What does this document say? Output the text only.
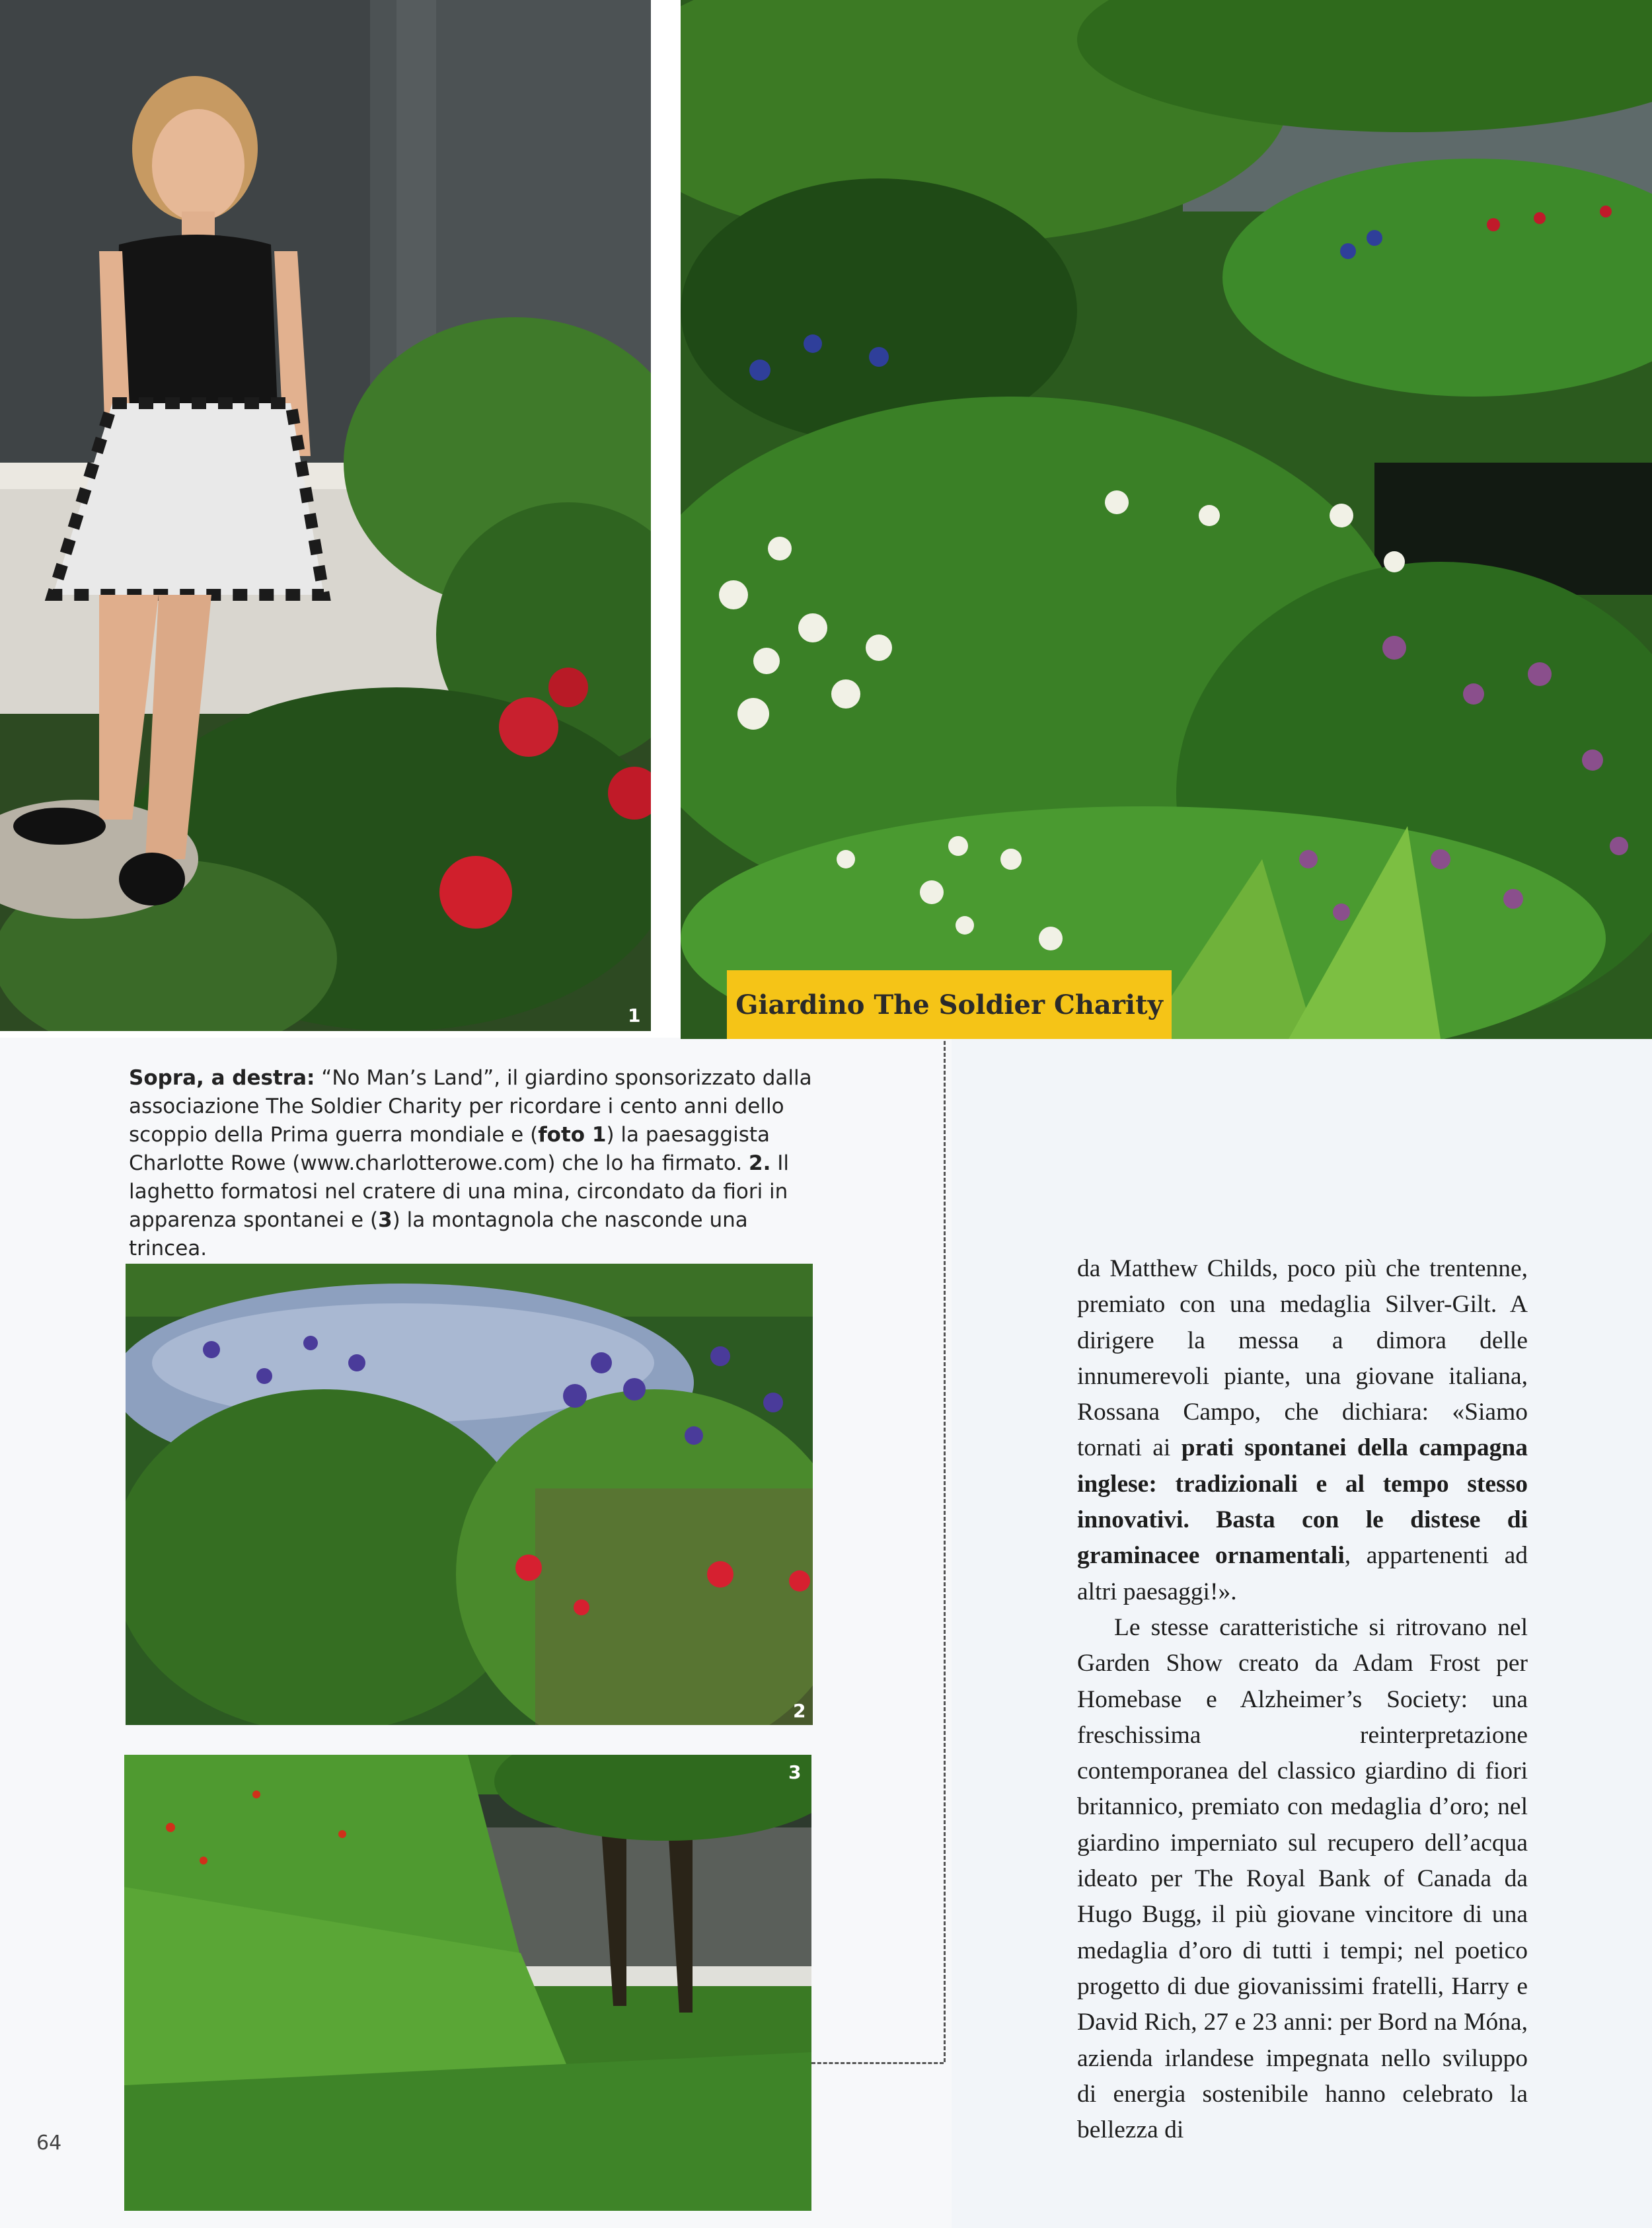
1	Giardino The Soldier Charity
2
3
Sopra, a destra: “No Man’s Land”, il giardino sponsorizzato dalla associazione The Soldier Charity per ricordare i cento anni dello scoppio della Prima guerra mondiale e (foto 1) la paesaggista Charlotte Rowe (www.charlotterowe.com) che lo ha firmato. 2. Il laghetto formatosi nel cratere di una mina, circondato da fiori in apparenza spontanei e (3) la montagnola che nasconde una trincea.

da Matthew Childs, poco più che trentenne, premiato con una medaglia Silver-Gilt. A dirigere la messa a dimora delle innumerevoli piante, una giovane italiana, Rossana Campo, che dichiara: «Siamo tornati ai prati spontanei della campagna inglese: tradizionali e al tempo stesso innovativi. Basta con le distese di graminacee ornamentali, appartenenti ad altri paesaggi!».

Le stesse caratteristiche si ritrovano nel Garden Show creato da Adam Frost per Homebase e Alzheimer’s Society: una freschissima reinterpretazione contemporanea del classico giardino di fiori britannico, premiato con medaglia d’oro; nel giardino imperniato sul recupero dell’acqua ideato per The Royal Bank of Canada da Hugo Bugg, il più giovane vincitore di una medaglia d’oro di tutti i tempi; nel poetico progetto di due giovanissimi fratelli, Harry e David Rich, 27 e 23 anni: per Bord na Móna, azienda irlandese impegnata nello sviluppo di energia sostenibile hanno celebrato la bellezza di

64
